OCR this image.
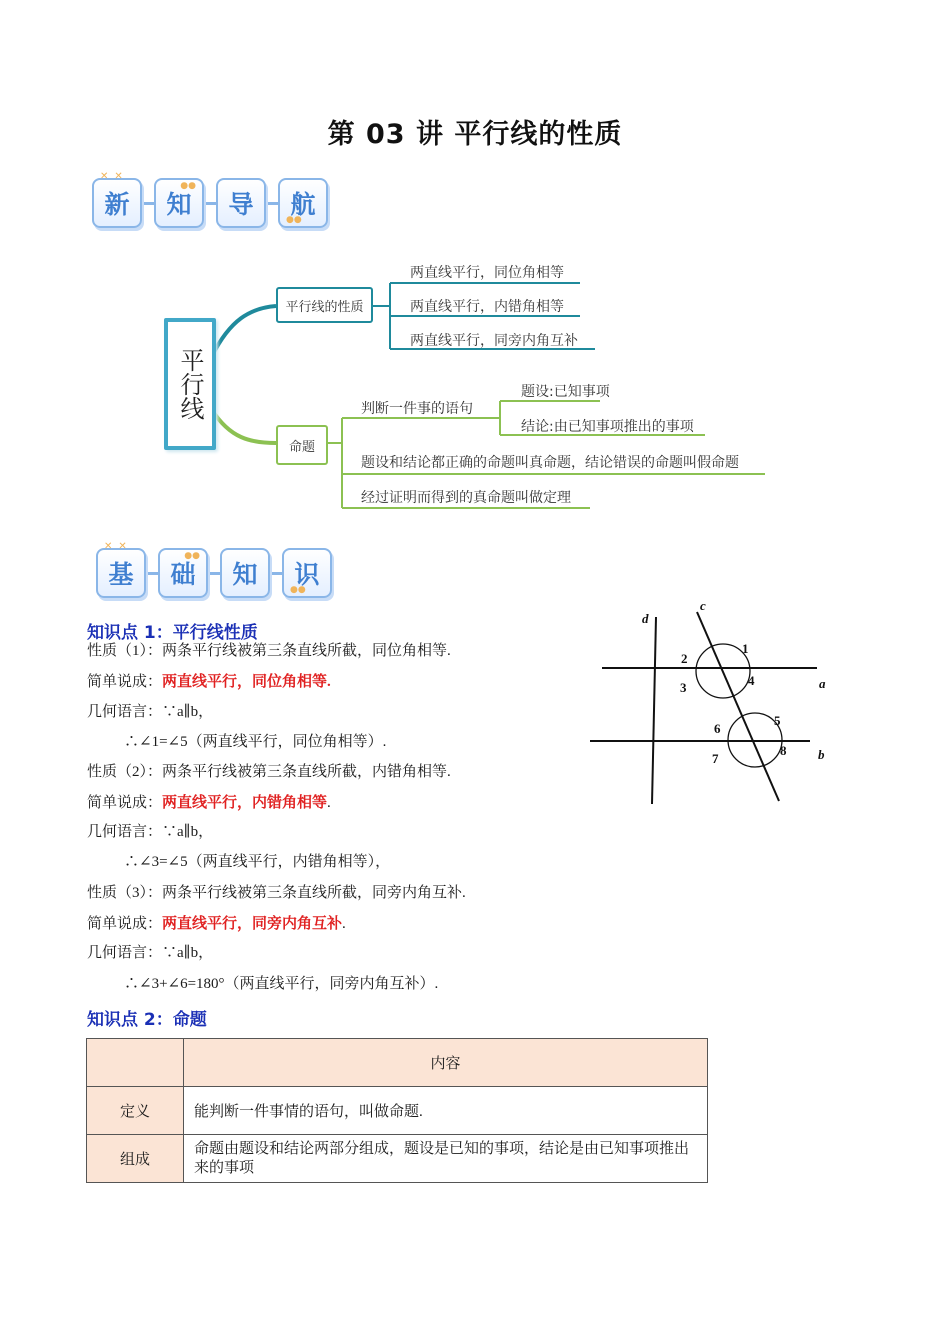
第 03 讲 平行线的性质
✕✕
新
●●
知 导
●●
航
平行线
平行线的性质
命题
两直线平行，同位角相等
两直线平行，内错角相等
两直线平行，同旁内角互补
判断一件事的语句
题设:已知事项
结论:由已知事项推出的事项
题设和结论都正确的命题叫真命题，结论错误的命题叫假命题
经过证明而得到的真命题叫做定理
✕✕
基
●●
础 知
●●
识
知识点 1：平行线性质
性质（1）：两条平行线被第三条直线所截，同位角相等.
简单说成：两直线平行，同位角相等.
几何语言：∵a∥b，
∴∠1=∠5（两直线平行，同位角相等）.
性质（2）：两条平行线被第三条直线所截，内错角相等.
简单说成：两直线平行，内错角相等.
几何语言：∵a∥b，
∴∠3=∠5（两直线平行，内错角相等），
性质（3）：两条平行线被第三条直线所截，同旁内角互补.
简单说成：两直线平行，同旁内角互补.
几何语言：∵a∥b，
∴∠3+∠6=180°（两直线平行，同旁内角互补）.
d
c
a
b
1
2
3	4
5
6
7
8
知识点 2：命题
	内容
定义	能判断一件事情的语句，叫做命题.
组成	命题由题设和结论两部分组成，题设是已知的事项，结论是由已知事项推出来的事项
